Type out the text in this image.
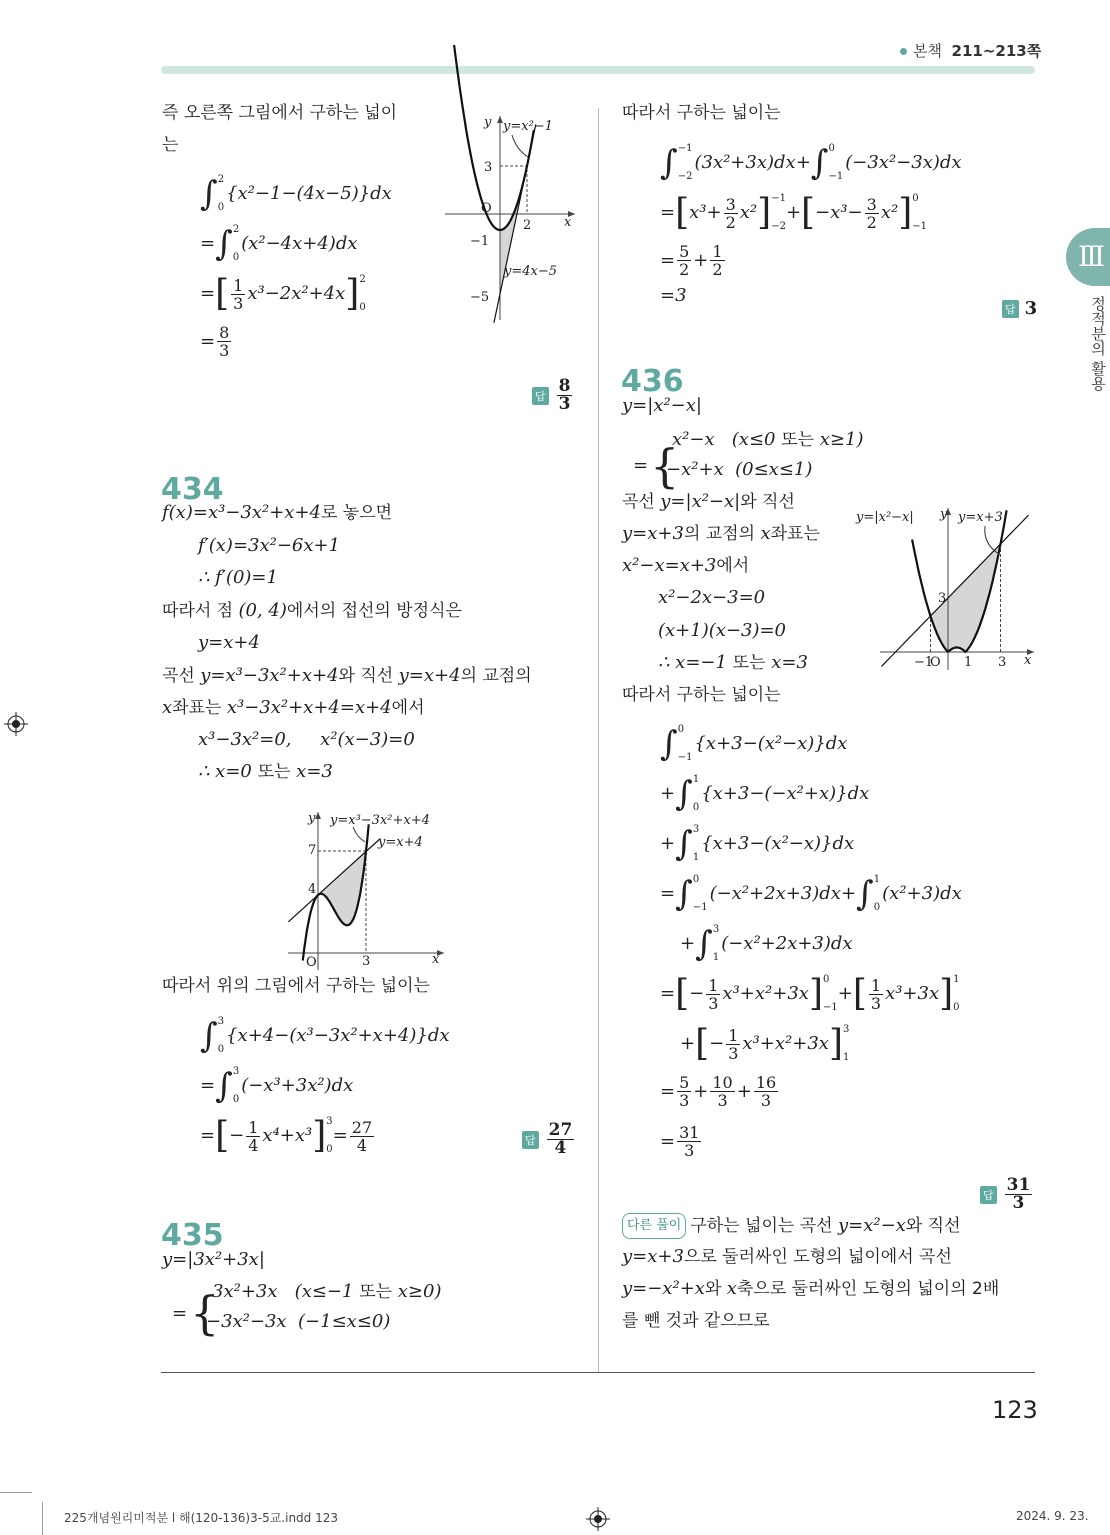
본책 211~213쪽
123
Ⅲ
정적분의 활용
225개념원리미적분 l 해(120-136)3-5교.indd 123	2024. 9. 23.
434
435
436
답 $\frac{8}{3}$
답 $\frac{27}{4}$
답 3
답 $\frac{31}{3}$
즉 오른쪽 그림에서 구하는 넓이
는
∫ 2
0
{x²−1−(4x−5)}dx
= ∫ 2
0
(x²−4x+4)dx
= [ $\frac{1}{3} x^3-2x^2+4x$ ] 2
0
= $\frac{8}{3}$
f(x)=x³−3x²+x+4 로 놓으면
f′(x)=3x²−6x+1
∴ f′(0)=1
따라서 점 (0, 4) 에서의 접선의 방정식은
y=x+4
곡선 y=x³−3x²+x+4 와 직선 y=x+4 의 교점의
x 좌표는 x³−3x²+x+4=x+4 에서
x³−3x²=0,     x²(x−3)=0
∴ x=0 또는 x=3
따라서 위의 그림에서 구하는 넓이는
∫ 3
0
{x+4−(x³−3x²+x+4)}dx
= ∫ 3
0
(−x³+3x²)dx
= [ − $\frac{1}{4} x^4+x^3$ ] 3
0
= $\frac{27}{4}$
y=|3x²+3x|
3x²+3x   (x≤−1 또는 x≥0)
−3x²−3x  (−1≤x≤0)
따라서 구하는 넓이는
∫ −1
−2
(3x²+3x)dx+ ∫ 0
−1
(−3x²−3x)dx
= [ $x^3+ \frac{3}{2} x^2$ ] −1
−2
+ [ $-x^3- \frac{3}{2} x^2$ ] 0
−1
= $\frac{5}{2} + \frac{1}{2}$
=3
y=|x²−x|
x²−x   (x≤0 또는 x≥1)
−x²+x  (0≤x≤1)
곡선 y=|x²−x| 와 직선
y=x+3 의 교점의 x 좌표는
x²−x=x+3 에서
x²−2x−3=0
(x+1)(x−3)=0
∴ x=−1 또는 x=3
따라서 구하는 넓이는
∫ 0
−1
{x+3−(x²−x)}dx
+ ∫ 1
0
{x+3−(−x²+x)}dx
+ ∫ 3
1
{x+3−(x²−x)}dx
= ∫ 0
−1
(−x²+2x+3)dx+ ∫ 1
0
(x²+3)dx
+ ∫ 3
1
(−x²+2x+3)dx
= [ − $\frac{1}{3} x^3+x^2+3x$ ] 0
−1
+ [ $\frac{1}{3} x^3+3x$ ] 1
0
+ [ − $\frac{1}{3} x^3+x^2+3x$ ] 3
1
= $\frac{5}{3} + \frac{10}{3} + \frac{16}{3}$
= $\frac{31}{3}$
다른 풀이 구하는 넓이는 곡선 y=x²−x 와 직선
y=x+3 으로 둘러싸인 도형의 넓이에서 곡선
y=−x²+x 와 x 축으로 둘러싸인 도형의 넓이의 2배
를 뺀 것과 같으므로
= {
= {
y y=x²−1
x
O
3
2
−1
−5
y=4x−5
y y=x³−3x²+x+4
y=x+4
7
4
3
O	x
y=|x²−x| y y=x+3
3
−1
O 1 3 x
